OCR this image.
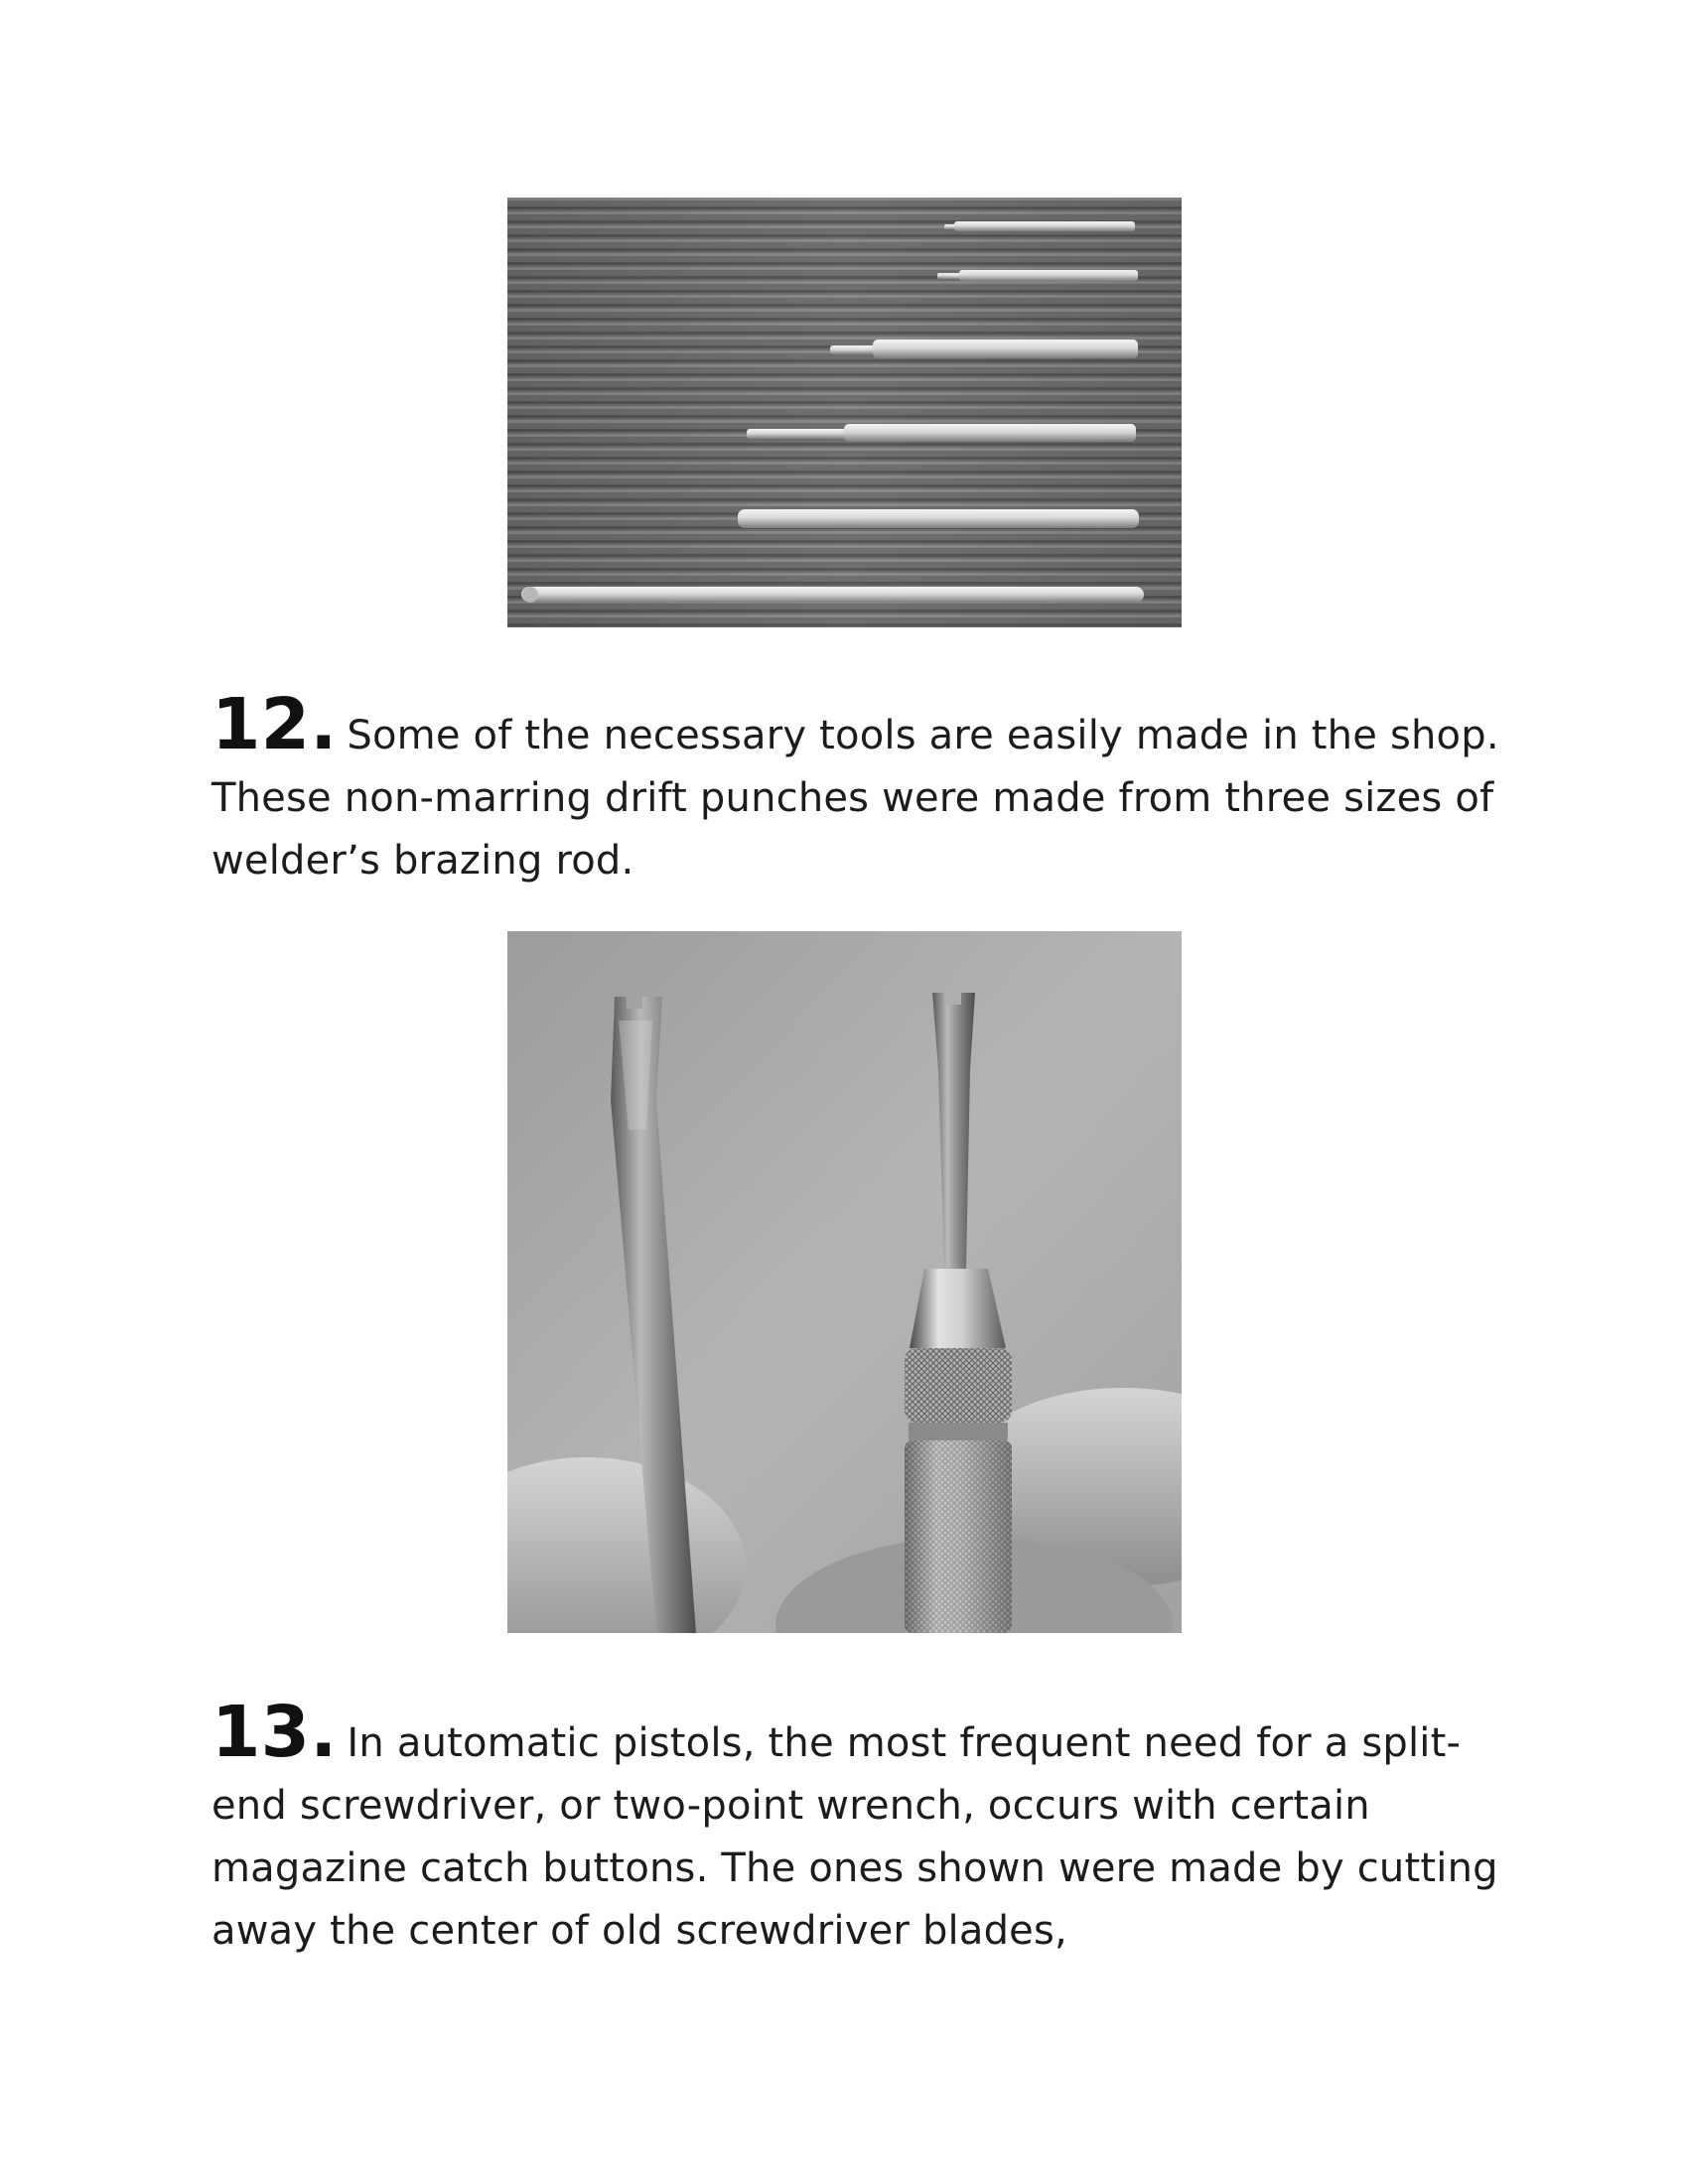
12. Some of the necessary tools are easily made in the shop. These non-marring drift punches were made from three sizes of welder’s brazing rod.

13. In automatic pistols, the most frequent need for a split-end screwdriver, or two-point wrench, occurs with certain magazine catch buttons. The ones shown were made by cutting away the center of old screwdriver blades,
